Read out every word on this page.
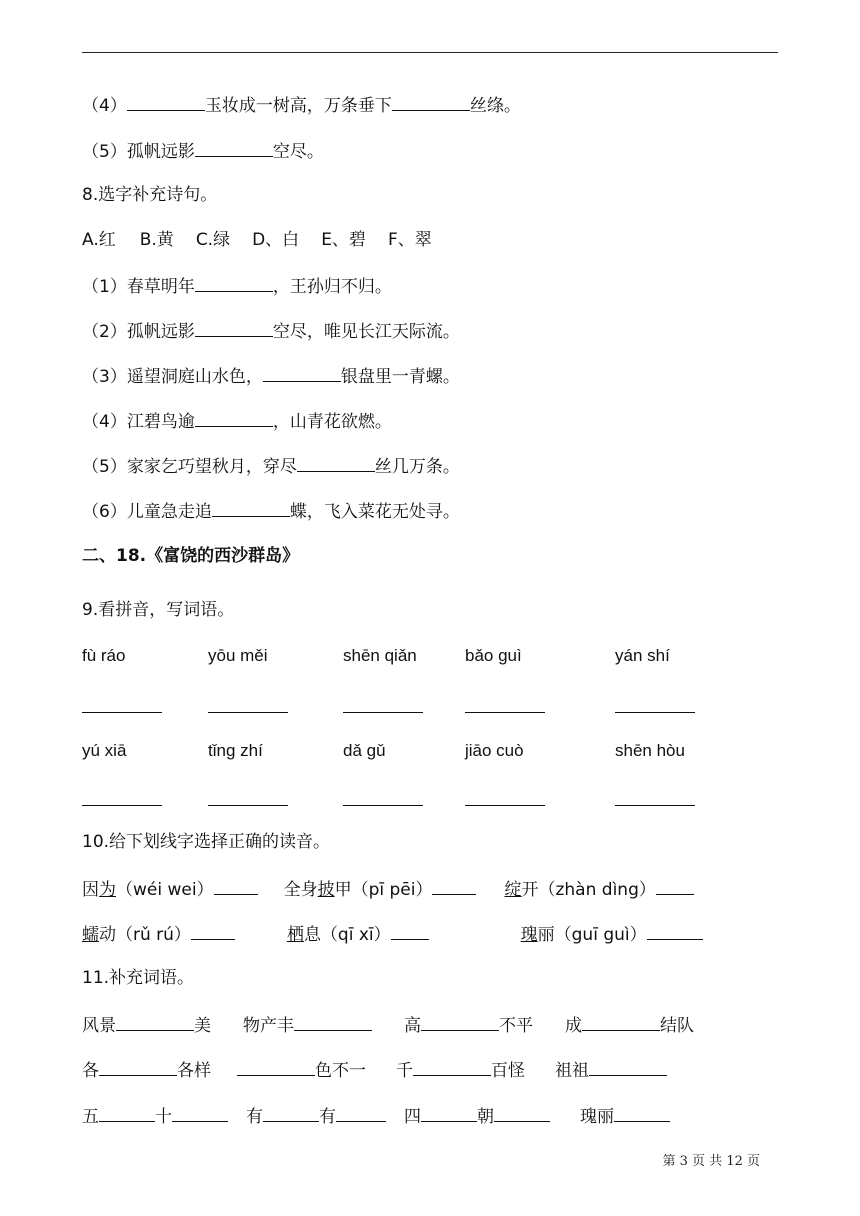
（4）	玉妆成一树高，万条垂下	丝绦。
（5）孤帆远影	空尽。
8.选字补充诗句。
A.红 B.黄 C.绿 D、白 E、碧 F、翠
（1）春草明年	，王孙归不归。
（2）孤帆远影	空尽，唯见长江天际流。
（3）遥望洞庭山水色，	银盘里一青螺。
（4）江碧鸟逾	，山青花欲燃。
（5）家家乞巧望秋月，穿尽	丝几万条。
（6）儿童急走追	蝶，飞入菜花无处寻。
二、18.《富饶的西沙群岛》
9.看拼音，写词语。
fù ráo	yōu měi	shēn qiǎn	bǎo guì	yán shí
yú xiā	tǐng zhí	dǎ gǔ	jiāo cuò	shēn hòu
10.给下划线字选择正确的读音。
因为（wéi wei）	全身披甲（pī pēi）	绽开（zhàn dìng）
蠕动（rǔ rú）	栖息（qī xī）	瑰丽（guī guì）
11.补充词语。
风景	美 物产丰	高	不平 成	结队
各	各样	色不一 千	百怪 祖祖
五	十	有	有	四	朝	瑰丽
第 3 页 共 12 页
